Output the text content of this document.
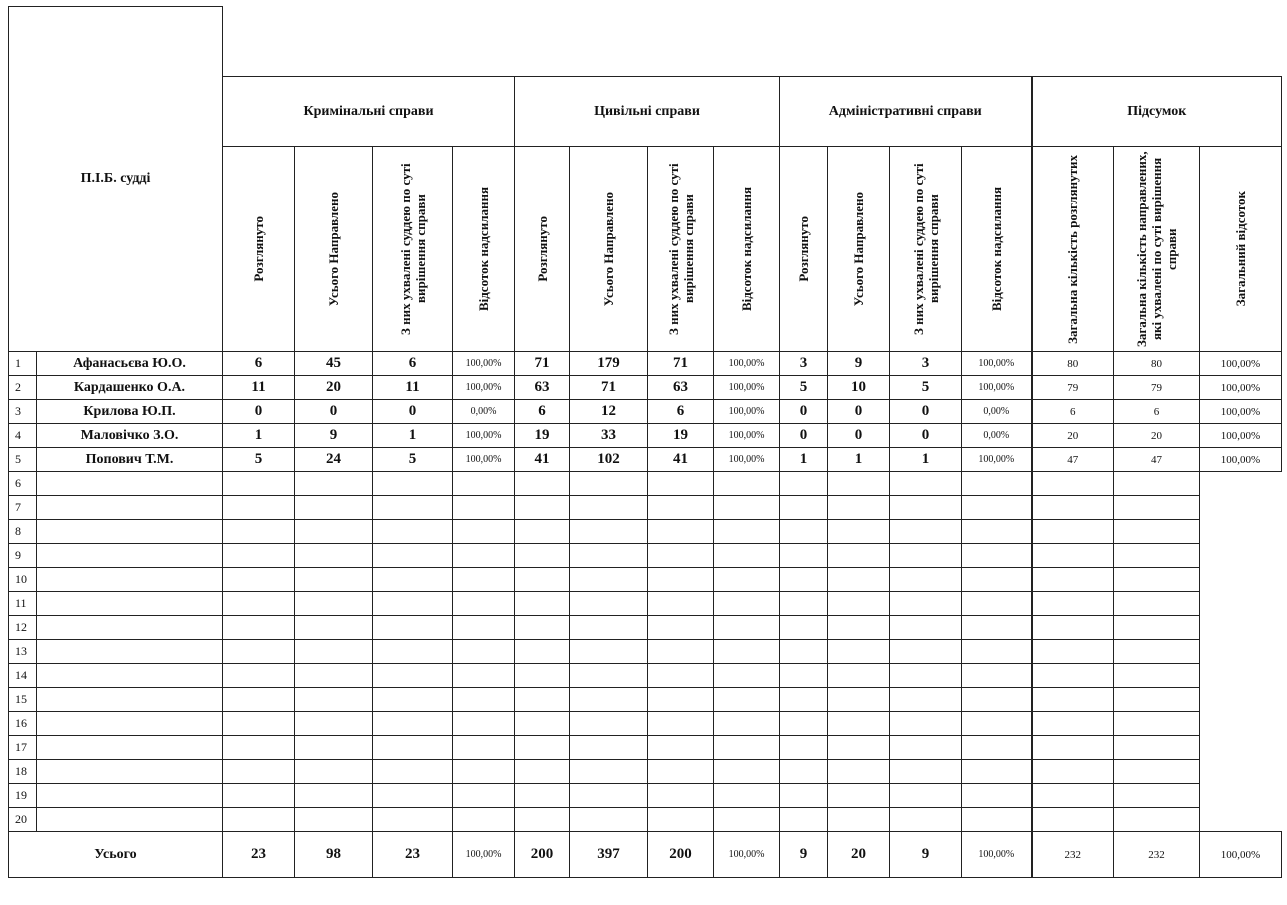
П.І.Б. судді																
		Кримінальні справи				Цивільні справи				Адміністративні справи				Підсумок		

		Розглянуто	Усього Направлено	З них ухвалені суддею по суті вирішення справи	Відсоток надсилання	Розглянуто	Усього Направлено	З них ухвалені суддею по суті вирішення справи	Відсоток надсилання	Розглянуто	Усього Направлено	З них ухвалені суддею по суті вирішення справи	Відсоток надсилання	Загальна кількість розглянутих	Загальна кількість направлених, які ухвалені по суті вирішення справи	Загальний відсоток

1	Афанасьєва Ю.О.	6	45	6	100,00%	71	179	71	100,00%	3	9	3	100,00%	80	80	100,00%
2	Кардашенко О.А.	11	20	11	100,00%	63	71	63	100,00%	5	10	5	100,00%	79	79	100,00%
3	Крилова Ю.П.	0	0	0	0,00%	6	12	6	100,00%	0	0	0	0,00%	6	6	100,00%
4	Маловічко З.О.	1	9	1	100,00%	19	33	19	100,00%	0	0	0	0,00%	20	20	100,00%
5	Попович Т.М.	5	24	5	100,00%	41	102	41	100,00%	1	1	1	100,00%	47	47	100,00%
6																
7																
8																
9																
10																
11																
12																
13																
14																
15																
16																
17																
18																
19																
20																
Усього		23	98	23	100,00%	200	397	200	100,00%	9	20	9	100,00%	232	232	100,00%
